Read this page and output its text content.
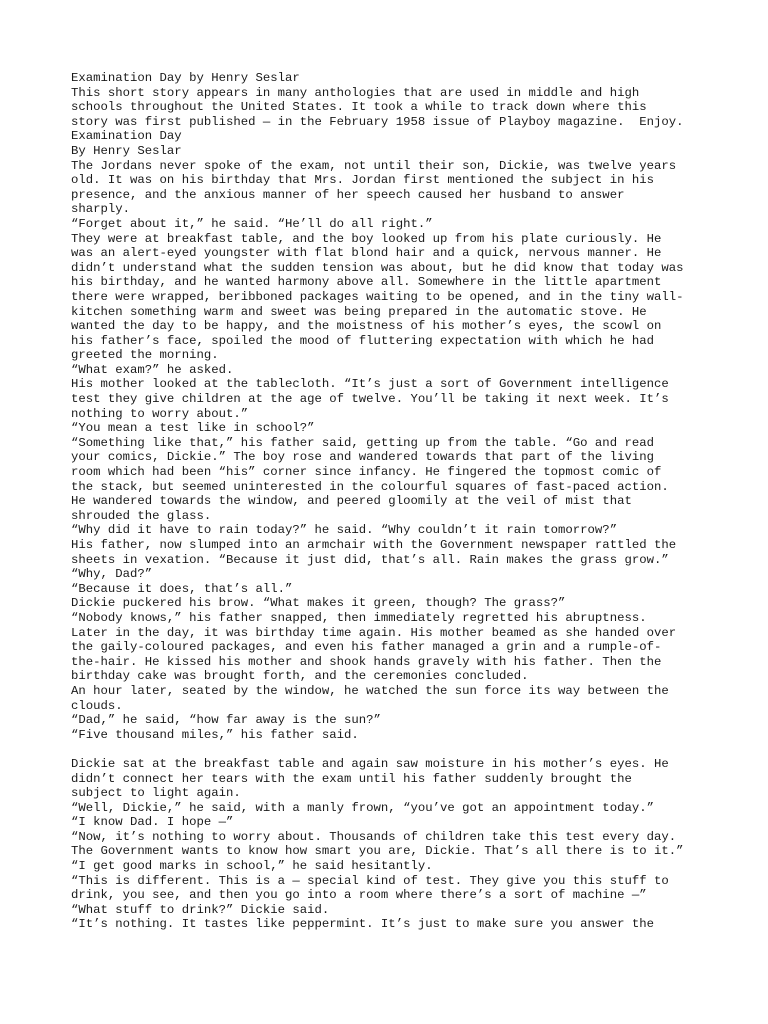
Examination Day by Henry Seslar
This short story appears in many anthologies that are used in middle and high
schools throughout the United States. It took a while to track down where this
story was first published — in the February 1958 issue of Playboy magazine.  Enjoy.
Examination Day
By Henry Seslar
The Jordans never spoke of the exam, not until their son, Dickie, was twelve years
old. It was on his birthday that Mrs. Jordan first mentioned the subject in his
presence, and the anxious manner of her speech caused her husband to answer
sharply.
“Forget about it,” he said. “He’ll do all right.”
They were at breakfast table, and the boy looked up from his plate curiously. He
was an alert-eyed youngster with flat blond hair and a quick, nervous manner. He
didn’t understand what the sudden tension was about, but he did know that today was
his birthday, and he wanted harmony above all. Somewhere in the little apartment
there were wrapped, beribboned packages waiting to be opened, and in the tiny wall-
kitchen something warm and sweet was being prepared in the automatic stove. He
wanted the day to be happy, and the moistness of his mother’s eyes, the scowl on
his father’s face, spoiled the mood of fluttering expectation with which he had
greeted the morning.
“What exam?” he asked.
His mother looked at the tablecloth. “It’s just a sort of Government intelligence
test they give children at the age of twelve. You’ll be taking it next week. It’s
nothing to worry about.”
“You mean a test like in school?”
“Something like that,” his father said, getting up from the table. “Go and read
your comics, Dickie.” The boy rose and wandered towards that part of the living
room which had been “his” corner since infancy. He fingered the topmost comic of
the stack, but seemed uninterested in the colourful squares of fast-paced action.
He wandered towards the window, and peered gloomily at the veil of mist that
shrouded the glass.
“Why did it have to rain today?” he said. “Why couldn’t it rain tomorrow?”
His father, now slumped into an armchair with the Government newspaper rattled the
sheets in vexation. “Because it just did, that’s all. Rain makes the grass grow.”
“Why, Dad?”
“Because it does, that’s all.”
Dickie puckered his brow. “What makes it green, though? The grass?”
“Nobody knows,” his father snapped, then immediately regretted his abruptness.
Later in the day, it was birthday time again. His mother beamed as she handed over
the gaily-coloured packages, and even his father managed a grin and a rumple-of-
the-hair. He kissed his mother and shook hands gravely with his father. Then the
birthday cake was brought forth, and the ceremonies concluded.
An hour later, seated by the window, he watched the sun force its way between the
clouds.
“Dad,” he said, “how far away is the sun?”
“Five thousand miles,” his father said.
Dickie sat at the breakfast table and again saw moisture in his mother’s eyes. He
didn’t connect her tears with the exam until his father suddenly brought the
subject to light again.
“Well, Dickie,” he said, with a manly frown, “you’ve got an appointment today.”
“I know Dad. I hope —”
“Now, it’s nothing to worry about. Thousands of children take this test every day.
The Government wants to know how smart you are, Dickie. That’s all there is to it.”
“I get good marks in school,” he said hesitantly.
“This is different. This is a — special kind of test. They give you this stuff to
drink, you see, and then you go into a room where there’s a sort of machine —”
“What stuff to drink?” Dickie said.
“It’s nothing. It tastes like peppermint. It’s just to make sure you answer the
